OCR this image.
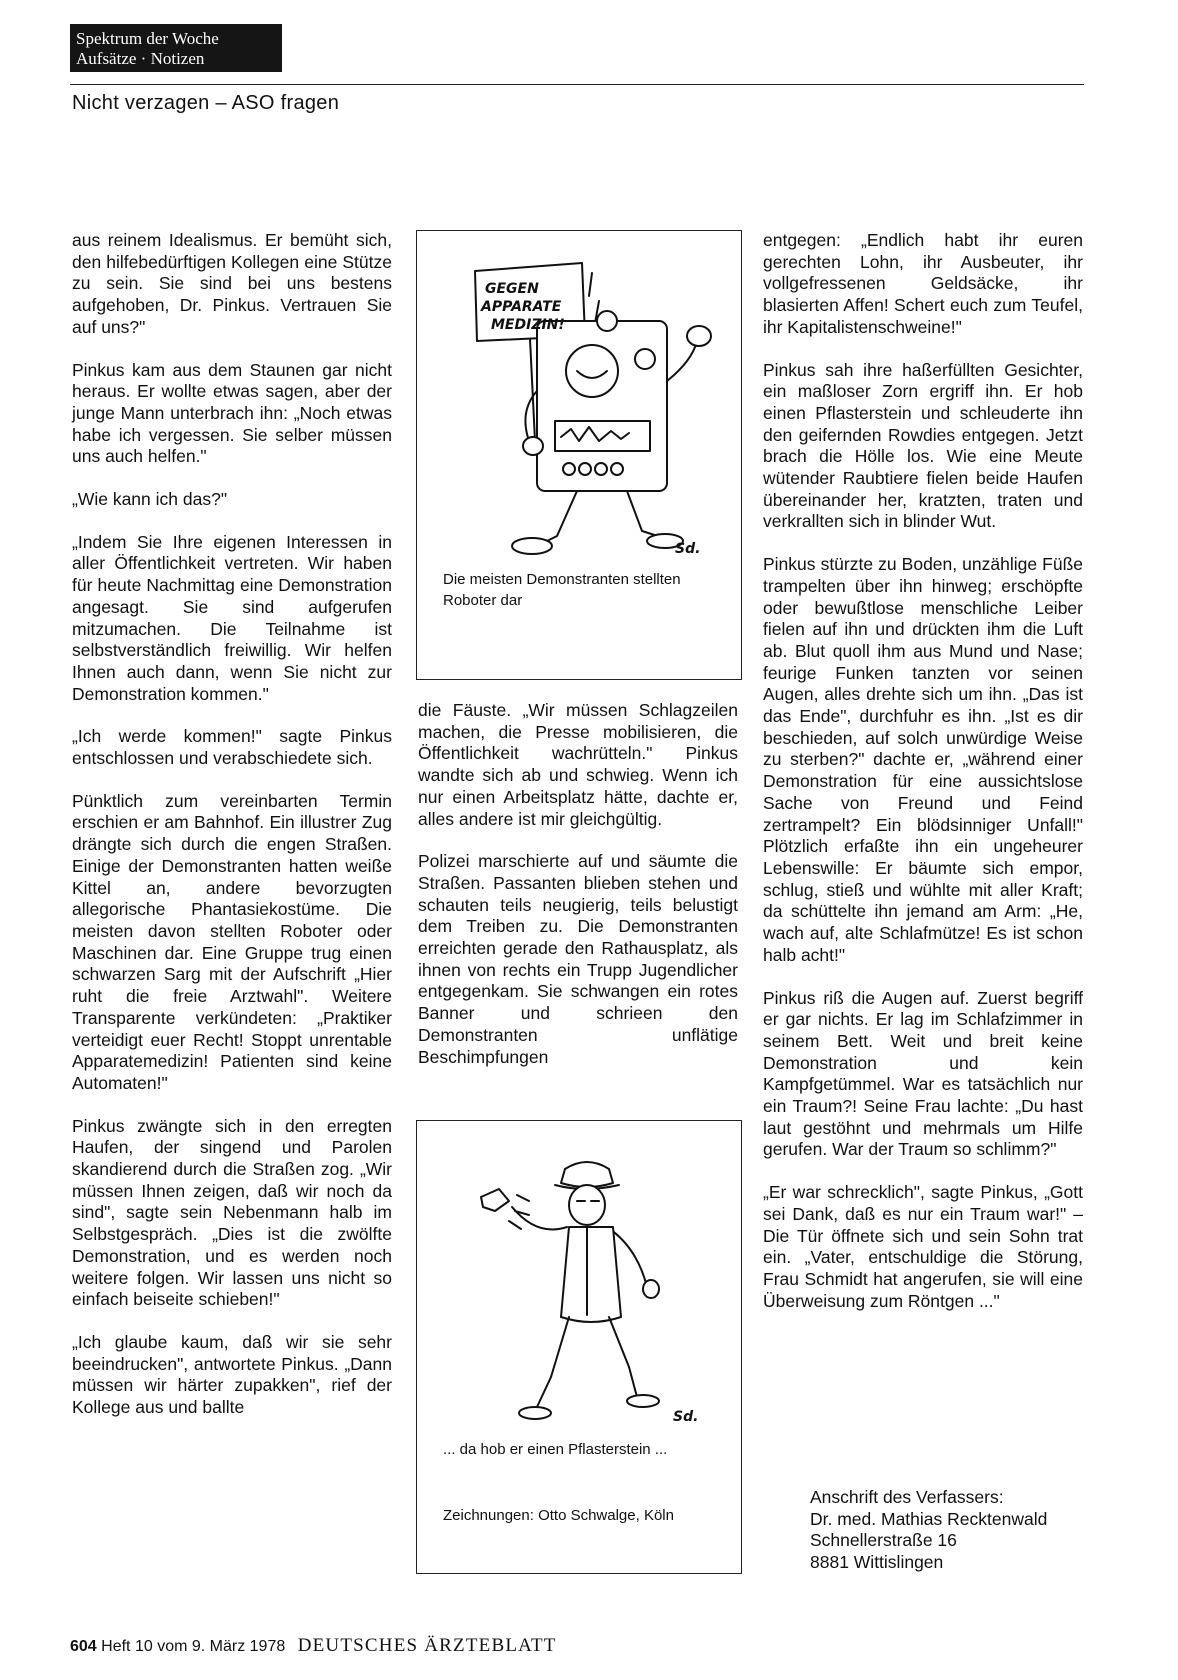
Spektrum der Woche
Aufsätze · Notizen
Nicht verzagen – ASO fragen

aus reinem Idealismus. Er bemüht sich, den hilfebedürftigen Kollegen eine Stütze zu sein. Sie sind bei uns bestens aufgehoben, Dr. Pinkus. Vertrauen Sie auf uns?"

Pinkus kam aus dem Staunen gar nicht heraus. Er wollte etwas sagen, aber der junge Mann unterbrach ihn: „Noch etwas habe ich vergessen. Sie selber müssen uns auch helfen."

„Wie kann ich das?"

„Indem Sie Ihre eigenen Interessen in aller Öffentlichkeit vertreten. Wir haben für heute Nachmittag eine Demonstration angesagt. Sie sind aufgerufen mitzumachen. Die Teilnahme ist selbstverständlich freiwillig. Wir helfen Ihnen auch dann, wenn Sie nicht zur Demonstration kommen."

„Ich werde kommen!" sagte Pinkus entschlossen und verabschiedete sich.

Pünktlich zum vereinbarten Termin erschien er am Bahnhof. Ein illustrer Zug drängte sich durch die engen Straßen. Einige der Demonstranten hatten weiße Kittel an, andere bevorzugten allegorische Phantasiekostüme. Die meisten davon stellten Roboter oder Maschinen dar. Eine Gruppe trug einen schwarzen Sarg mit der Aufschrift „Hier ruht die freie Arztwahl". Weitere Transparente verkündeten: „Praktiker verteidigt euer Recht! Stoppt unrentable Apparatemedizin! Patienten sind keine Automaten!"

Pinkus zwängte sich in den erregten Haufen, der singend und Parolen skandierend durch die Straßen zog. „Wir müssen Ihnen zeigen, daß wir noch da sind", sagte sein Nebenmann halb im Selbstgespräch. „Dies ist die zwölfte Demonstration, und es werden noch weitere folgen. Wir lassen uns nicht so einfach beiseite schieben!"

„Ich glaube kaum, daß wir sie sehr beeindrucken", antwortete Pinkus. „Dann müssen wir härter zupakken", rief der Kollege aus und ballte

GEGEN
APPARATE
MEDIZIN!
Sd.
Die meisten Demonstranten stellten Roboter dar

die Fäuste. „Wir müssen Schlagzeilen machen, die Presse mobilisieren, die Öffentlichkeit wachrütteln." Pinkus wandte sich ab und schwieg. Wenn ich nur einen Arbeitsplatz hätte, dachte er, alles andere ist mir gleichgültig.

Polizei marschierte auf und säumte die Straßen. Passanten blieben stehen und schauten teils neugierig, teils belustigt dem Treiben zu. Die Demonstranten erreichten gerade den Rathausplatz, als ihnen von rechts ein Trupp Jugendlicher entgegenkam. Sie schwangen ein rotes Banner und schrieen den Demonstranten unflätige Beschimpfungen

Sd.
... da hob er einen Pflasterstein ...
Zeichnungen: Otto Schwalge, Köln

entgegen: „Endlich habt ihr euren gerechten Lohn, ihr Ausbeuter, ihr vollgefressenen Geldsäcke, ihr blasierten Affen! Schert euch zum Teufel, ihr Kapitalistenschweine!"

Pinkus sah ihre haßerfüllten Gesichter, ein maßloser Zorn ergriff ihn. Er hob einen Pflasterstein und schleuderte ihn den geifernden Rowdies entgegen. Jetzt brach die Hölle los. Wie eine Meute wütender Raubtiere fielen beide Haufen übereinander her, kratzten, traten und verkrallten sich in blinder Wut.

Pinkus stürzte zu Boden, unzählige Füße trampelten über ihn hinweg; erschöpfte oder bewußtlose menschliche Leiber fielen auf ihn und drückten ihm die Luft ab. Blut quoll ihm aus Mund und Nase; feurige Funken tanzten vor seinen Augen, alles drehte sich um ihn. „Das ist das Ende", durchfuhr es ihn. „Ist es dir beschieden, auf solch unwürdige Weise zu sterben?" dachte er, „während einer Demonstration für eine aussichtslose Sache von Freund und Feind zertrampelt? Ein blödsinniger Unfall!" Plötzlich erfaßte ihn ein ungeheurer Lebenswille: Er bäumte sich empor, schlug, stieß und wühlte mit aller Kraft; da schüttelte ihn jemand am Arm: „He, wach auf, alte Schlafmütze! Es ist schon halb acht!"

Pinkus riß die Augen auf. Zuerst begriff er gar nichts. Er lag im Schlafzimmer in seinem Bett. Weit und breit keine Demonstration und kein Kampfgetümmel. War es tatsächlich nur ein Traum?! Seine Frau lachte: „Du hast laut gestöhnt und mehrmals um Hilfe gerufen. War der Traum so schlimm?"

„Er war schrecklich", sagte Pinkus, „Gott sei Dank, daß es nur ein Traum war!" – Die Tür öffnete sich und sein Sohn trat ein. „Vater, entschuldige die Störung, Frau Schmidt hat angerufen, sie will eine Überweisung zum Röntgen ..."

Anschrift des Verfassers:
Dr. med. Mathias Recktenwald
Schnellerstraße 16
8881 Wittislingen
604 Heft 10 vom 9. März 1978 DEUTSCHES ÄRZTEBLATT
